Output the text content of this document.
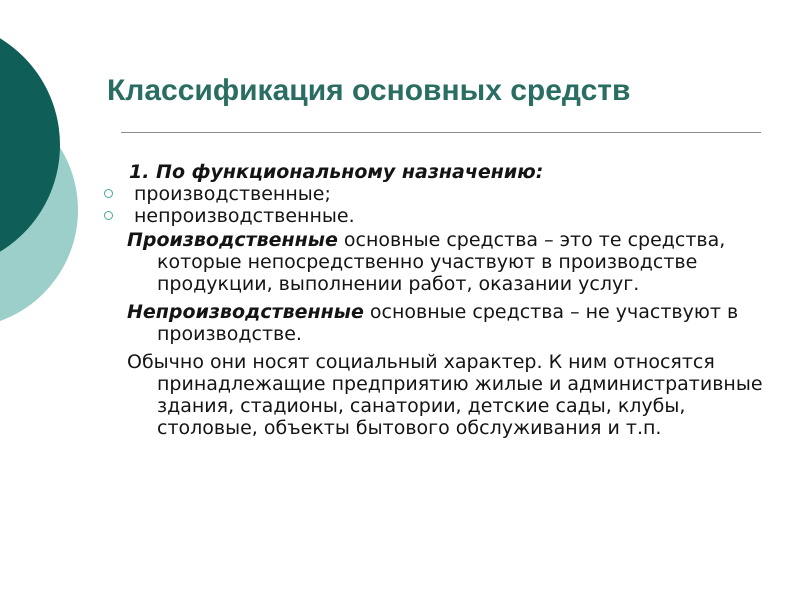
Классификация основных средств

1. По функциональному назначению:

производственные;
непроизводственные.

Производственные основные средства – это те средства, которые непосредственно участвуют в производстве продукции, выполнении работ, оказании услуг.

Непроизводственные основные средства – не участвуют в производстве.

Обычно они носят социальный характер. К ним относятся принадлежащие предприятию жилые и административные здания, стадионы, санатории, детские сады, клубы, столовые, объекты бытового обслуживания и т.п.
